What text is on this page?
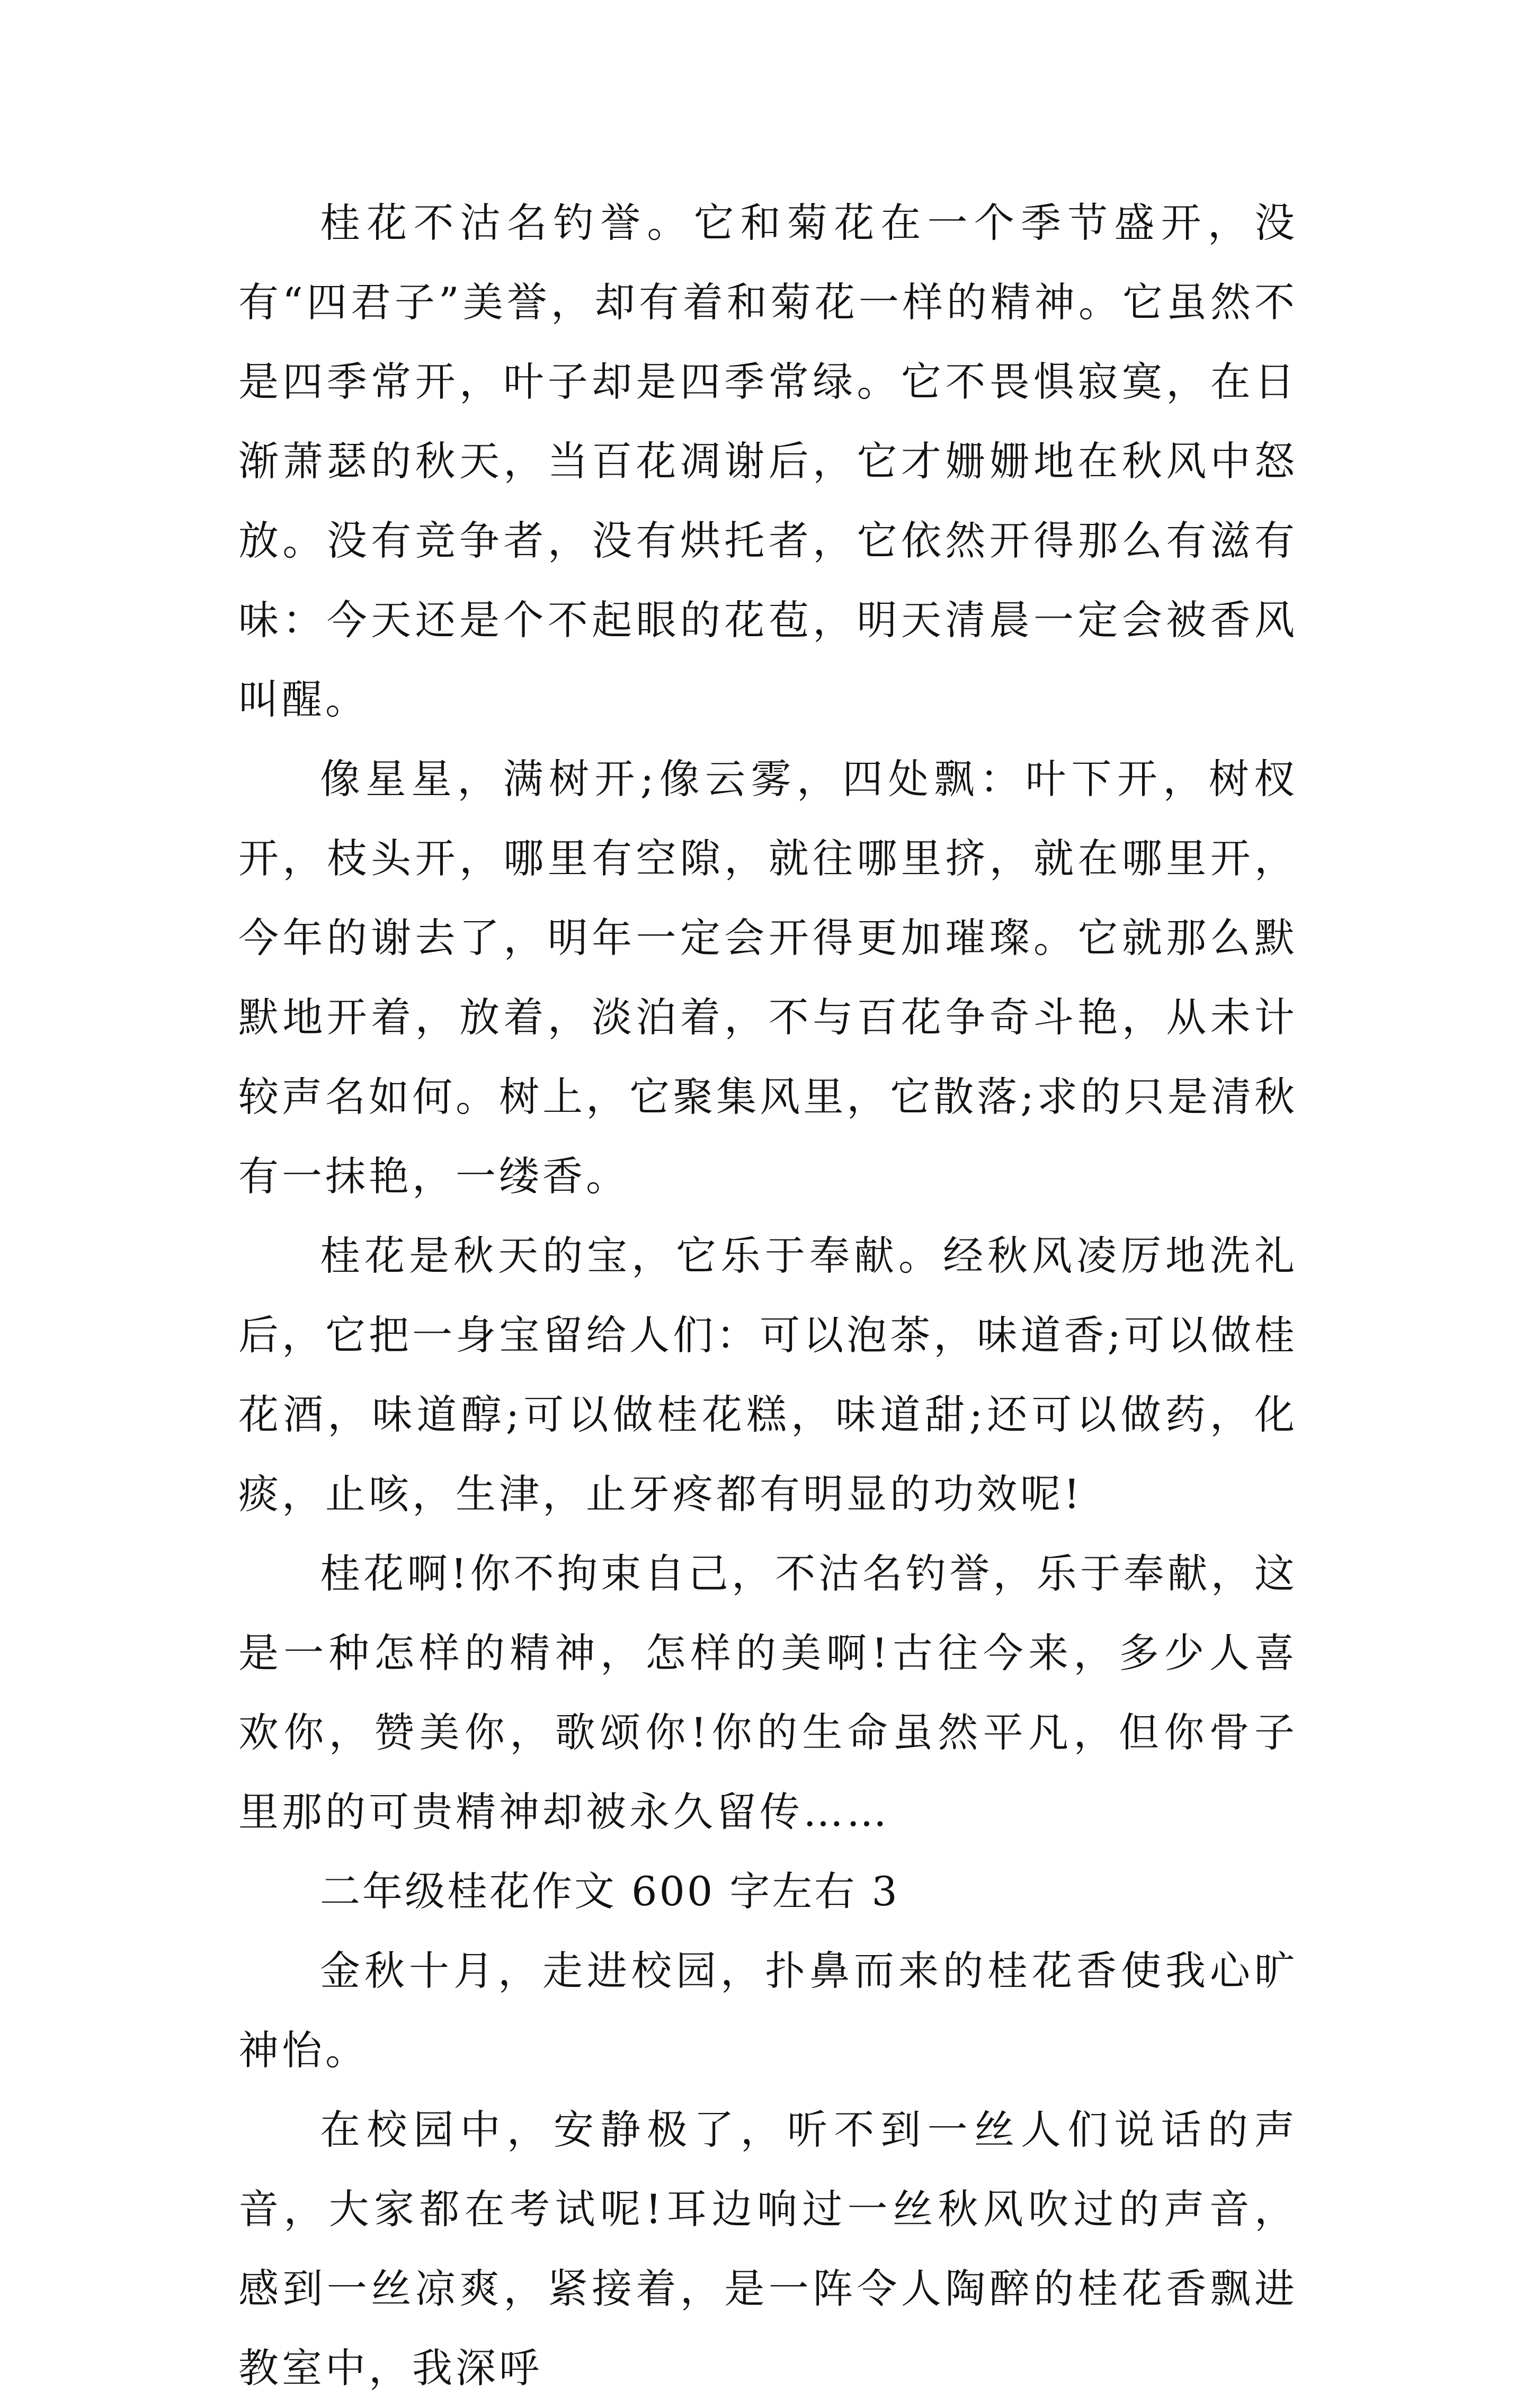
桂花不沽名钓誉。它和菊花在一个季节盛开，没有“四君子”美誉，却有着和菊花一样的精神。它虽然不是四季常开，叶子却是四季常绿。它不畏惧寂寞，在日渐萧瑟的秋天，当百花凋谢后，它才姗姗地在秋风中怒放。没有竞争者，没有烘托者，它依然开得那么有滋有味：今天还是个不起眼的花苞，明天清晨一定会被香风叫醒。

像星星，满树开;像云雾，四处飘：叶下开，树杈开，枝头开，哪里有空隙，就往哪里挤，就在哪里开，今年的谢去了，明年一定会开得更加璀璨。它就那么默默地开着，放着，淡泊着，不与百花争奇斗艳，从未计较声名如何。树上，它聚集风里，它散落;求的只是清秋有一抹艳，一缕香。

桂花是秋天的宝，它乐于奉献。经秋风凌厉地洗礼后，它把一身宝留给人们：可以泡茶，味道香;可以做桂花酒，味道醇;可以做桂花糕，味道甜;还可以做药，化痰，止咳，生津，止牙疼都有明显的功效呢!

桂花啊!你不拘束自己，不沽名钓誉，乐于奉献，这是一种怎样的精神，怎样的美啊!古往今来，多少人喜欢你，赞美你，歌颂你!你的生命虽然平凡，但你骨子里那的可贵精神却被永久留传……

二年级桂花作文 600 字左右 3

金秋十月，走进校园，扑鼻而来的桂花香使我心旷神怡。

在校园中，安静极了，听不到一丝人们说话的声音，大家都在考试呢!耳边响过一丝秋风吹过的声音，感到一丝凉爽，紧接着，是一阵令人陶醉的桂花香飘进教室中，我深呼
